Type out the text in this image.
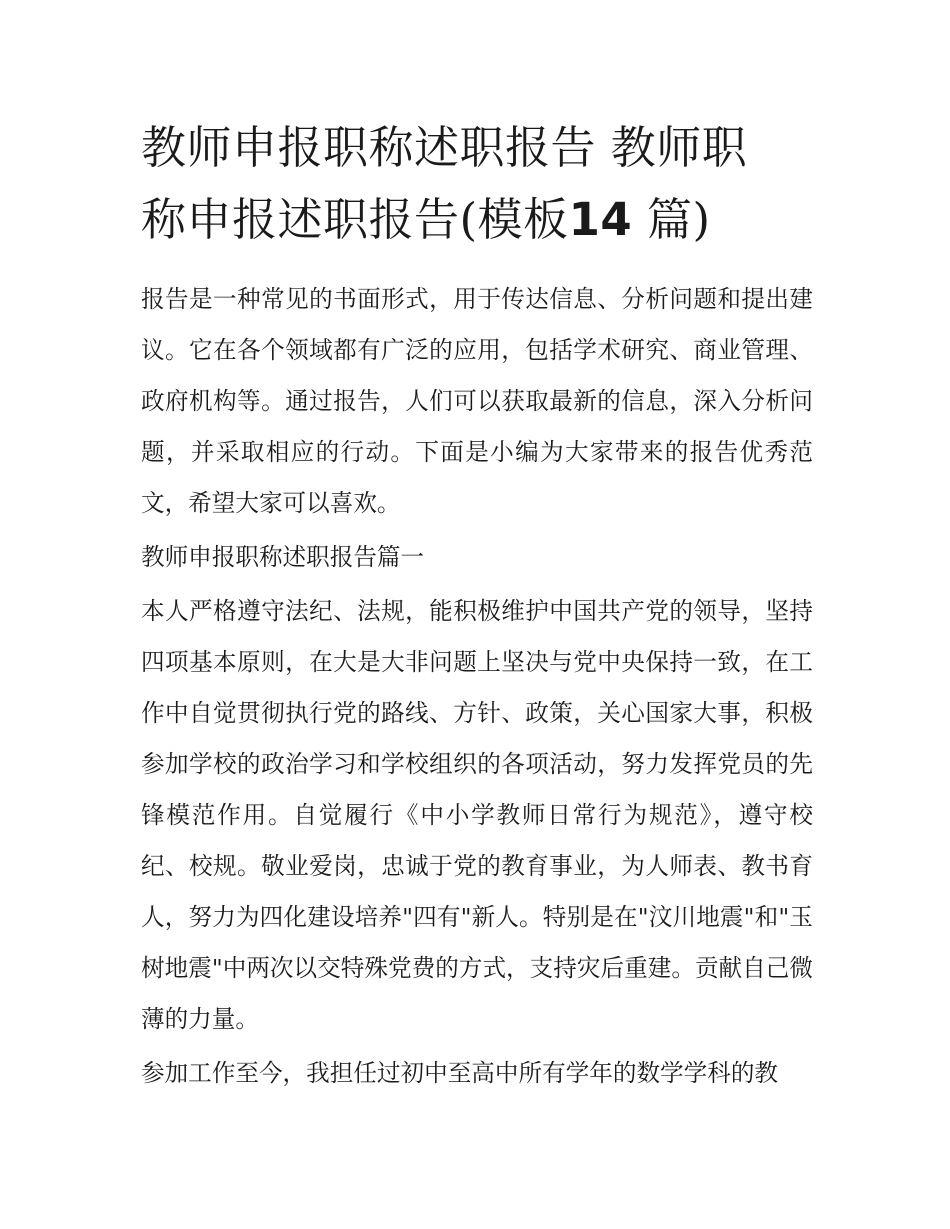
教师申报职称述职报告 教师职
称申报述职报告(模板14 篇)

报告是一种常见的书面形式，用于传达信息、分析问题和提出建议。它在各个领域都有广泛的应用，包括学术研究、商业管理、政府机构等。通过报告，人们可以获取最新的信息，深入分析问题，并采取相应的行动。下面是小编为大家带来的报告优秀范文，希望大家可以喜欢。

教师申报职称述职报告篇一

本人严格遵守法纪、法规，能积极维护中国共产党的领导，坚持四项基本原则，在大是大非问题上坚决与党中央保持一致，在工作中自觉贯彻执行党的路线、方针、政策，关心国家大事，积极参加学校的政治学习和学校组织的各项活动，努力发挥党员的先锋模范作用。自觉履行《中小学教师日常行为规范》，遵守校纪、校规。敬业爱岗，忠诚于党的教育事业，为人师表、教书育人，努力为四化建设培养"四有"新人。特别是在"汶川地震"和"玉树地震"中两次以交特殊党费的方式，支持灾后重建。贡献自己微薄的力量。

参加工作至今，我担任过初中至高中所有学年的数学学科的教
